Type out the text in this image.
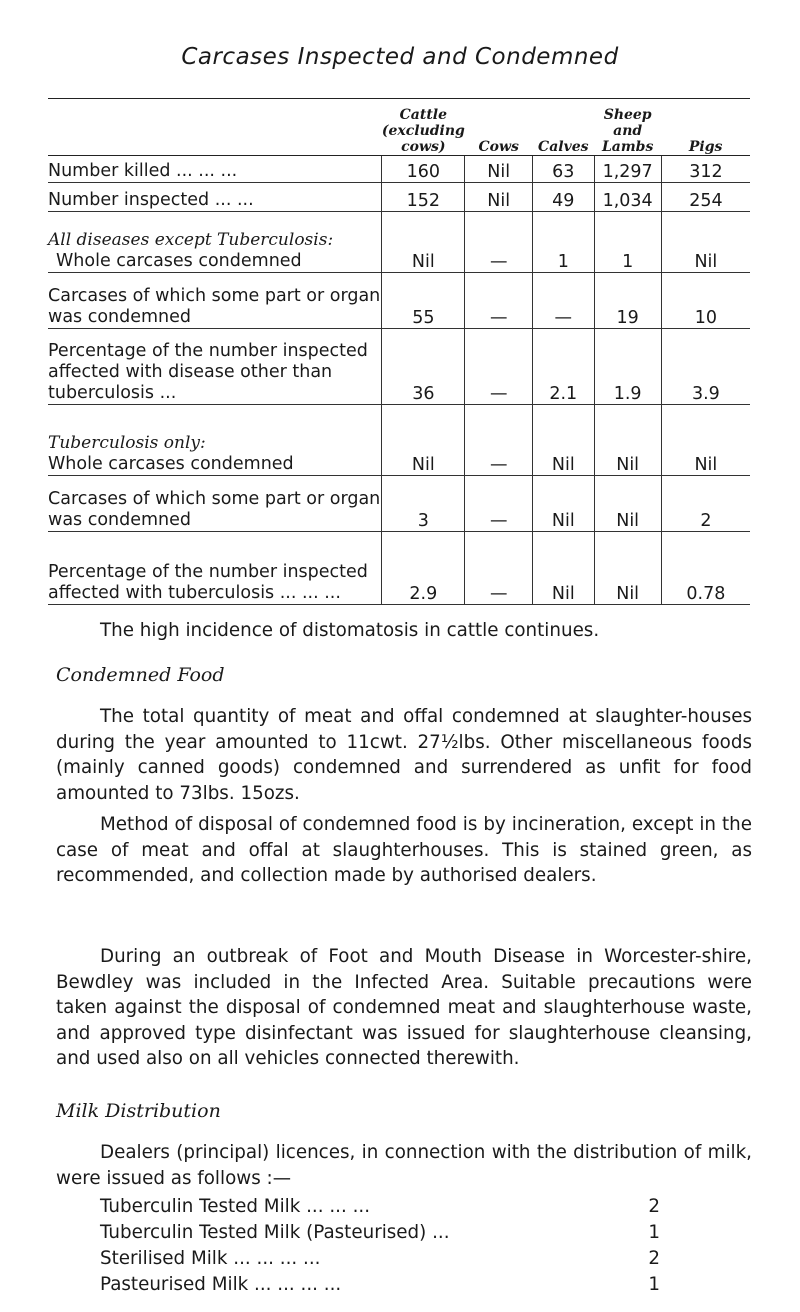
Carcases Inspected and Condemned
	Cattle (excluding cows)	Cows	Calves	Sheep and Lambs	Pigs
Number killed ... ... ...	160	Nil	63	1,297	312
Number inspected ... ...	152	Nil	49	1,034	254

All diseases except Tuberculosis:
Whole carcases condemned	Nil	—	1	1	Nil
Carcases of which some part or organ was condemned	55	—	—	19	10
Percentage of the number inspected affected with disease other than tuberculosis ...	36	—	2.1	1.9	3.9

Tuberculosis only:
Whole carcases condemned	Nil	—	Nil	Nil	Nil
Carcases of which some part or organ was condemned	3	—	Nil	Nil	2
Percentage of the number inspected affected with tuberculosis ... ... ...	2.9	—	Nil	Nil	0.78

The high incidence of distomatosis in cattle continues.

Condemned Food

The total quantity of meat and offal condemned at slaughter-houses during the year amounted to 11cwt. 27½lbs. Other miscellaneous foods (mainly canned goods) condemned and surrendered as unfit for food amounted to 73lbs. 15ozs.

Method of disposal of condemned food is by incineration, except in the case of meat and offal at slaughterhouses. This is stained green, as recommended, and collection made by authorised dealers.

During an outbreak of Foot and Mouth Disease in Worcester-shire, Bewdley was included in the Infected Area. Suitable precautions were taken against the disposal of condemned meat and slaughterhouse waste, and approved type disinfectant was issued for slaughterhouse cleansing, and used also on all vehicles connected therewith.

Milk Distribution

Dealers (principal) licences, in connection with the distribution of milk, were issued as follows :—

Tuberculin Tested Milk ... ... ...	2
Tuberculin Tested Milk (Pasteurised) ...	1
Sterilised Milk ... ... ... ...	2
Pasteurised Milk ... ... ... ...	1
